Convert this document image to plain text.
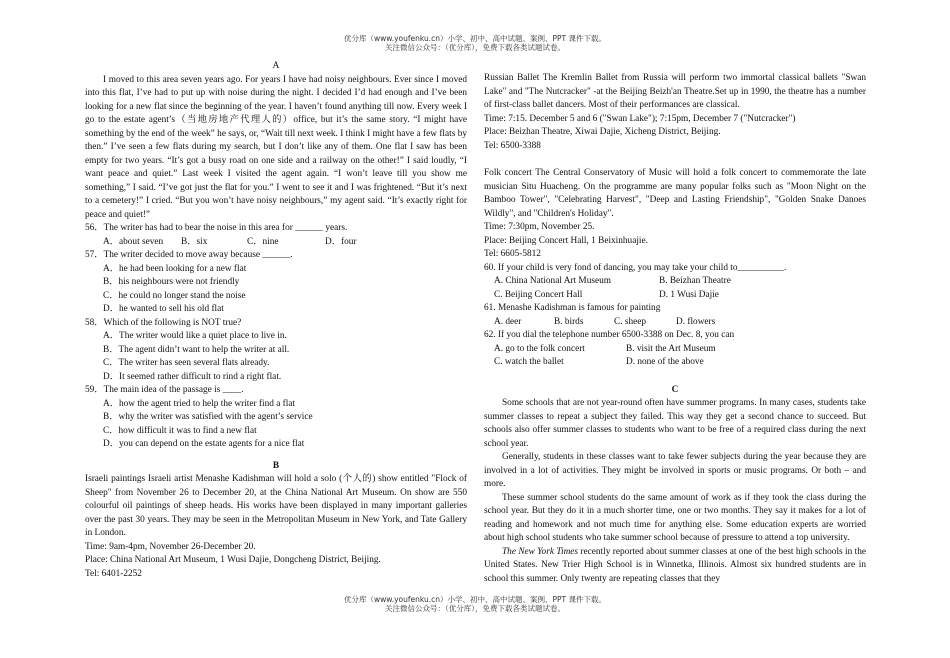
优分库（www.youfenku.cn）小学、初中、高中试题、案例、PPT 课件下载。
关注微信公众号：（优分库），免费下载各类试题试卷。
A
I moved to this area seven years ago. For years I have had noisy neighbours. Ever since I moved into this flat, I’ve had to put up with noise during the night. I decided I’d had enough and I’ve been looking for a new flat since the beginning of the year. I haven’t found anything till now. Every week I go to the estate agent’s（当地房地产代理人的）office, but it’s the same story. “I might have something by the end of the week” he says, or, “Wait till next week. I think I might have a few flats by then.” I’ve seen a few flats during my search, but I don’t like any of them. One flat I saw has been empty for two years. “It’s got a busy road on one side and a railway on the other!” I said loudly, “I want peace and quiet.” Last week I visited the agent again. “I won’t leave till you show me something,” I said. “I’ve got just the flat for you.” I went to see it and I was frightened. “But it’s next to a cemetery!” I cried. “But you won’t have noisy neighbours,” my agent said. “It’s exactly right for peace and quiet!”
56．The writer has had to bear the noise in this area for ______ years.
A．about seven	B．six	C．nine	D．four
57．The writer decided to move away because ______.
A．he had been looking for a new flat
B．his neighbours were not friendly
C．he could no longer stand the noise
D．he wanted to sell his old flat
58．Which of the following is NOT true?
A．The writer would like a quiet place to live in.
B．The agent didn’t want to help the writer at all.
C．The writer has seen several flats already.
D．It seemed rather difficult to rind a right flat.
59．The main idea of the passage is ____.
A．how the agent tried to help the writer find a flat
B．why the writer was satisfied with the agent’s service
C．how difficult it was to find a new flat
D．you can depend on the estate agents for a nice flat
B
Israeli paintings Israeli artist Menashe Kadishman will hold a solo (个人的) show entitled "Flock of Sheep" from November 26 to December 20, at the China National Art Museum. On show are 550 colourful oil paintings of sheep heads. His works have been displayed in many important galleries over the past 30 years. They may be seen in the Metropolitan Museum in New York, and Tate Gallery in London.
Time: 9am-4pm, November 26-December 20.
Place: China National Art Museum, 1 Wusi Dajie, Dongcheng District, Beijing.
Tel: 6401-2252
Russian Ballet The Kremlin Ballet from Russia will perform two immortal classical ballets "Swan Lake" and "The Nutcracker" -at the Beijing Beizh'an Theatre.Set up in 1990, the theatre has a number of first-class ballet dancers. Most of their performances are classical.
Time: 7:15. December 5 and 6 ("Swan Lake"); 7:15pm, December 7 ("Nutcracker")
Place: Beizhan Theatre, Xiwai Dajie, Xicheng District, Beijing.
Tel: 6500-3388
Folk concert The Central Conservatory of Music will hold a folk concert to commemorate the late musician Situ Huacheng. On the programme are many popular folks such as "Moon Night on the Bamboo Tower", "Celebrating Harvest", "Deep and Lasting Friendship", "Golden Snake Danoes Wildly", and "Children's Holiday".
Time: 7:30pm, November 25.
Place: Beijing Concert Hall, 1 Beixinhuajie.
Tel: 6605-5812
60. If your child is very fond of dancing, you may take your child to__________.
A. China National Art Museum	B. Beizhan Theatre
C. Beijing Concert Hall	D. 1 Wusi Dajie
61. Menashe Kadishman is famous for painting
A. deer	B. birds	C. sheep	D. flowers
62. If you dial the telephone number 6500-3388 on Dec. 8, you can
A. go to the folk concert	B. visit the Art Museum
C. watch the ballet	D. none of the above
C
Some schools that are not year-round often have summer programs. In many cases, students take summer classes to repeat a subject they failed. This way they get a second chance to succeed. But schools also offer summer classes to students who want to be free of a required class during the next school year.
Generally, students in these classes want to take fewer subjects during the year because they are involved in a lot of activities. They might be involved in sports or music programs. Or both – and more.
These summer school students do the same amount of work as if they took the class during the school year. But they do it in a much shorter time, one or two months. They say it makes for a lot of reading and homework and not much time for anything else. Some education experts are worried about high school students who take summer school because of pressure to attend a top university.
The New York Times recently reported about summer classes at one of the best high schools in the United States. New Trier High School is in Winnetka, Illinois. Almost six hundred students are in school this summer. Only twenty are repeating classes that they
优分库（www.youfenku.cn）小学、初中、高中试题、案例、PPT 课件下载。
关注微信公众号：（优分库），免费下载各类试题试卷。
